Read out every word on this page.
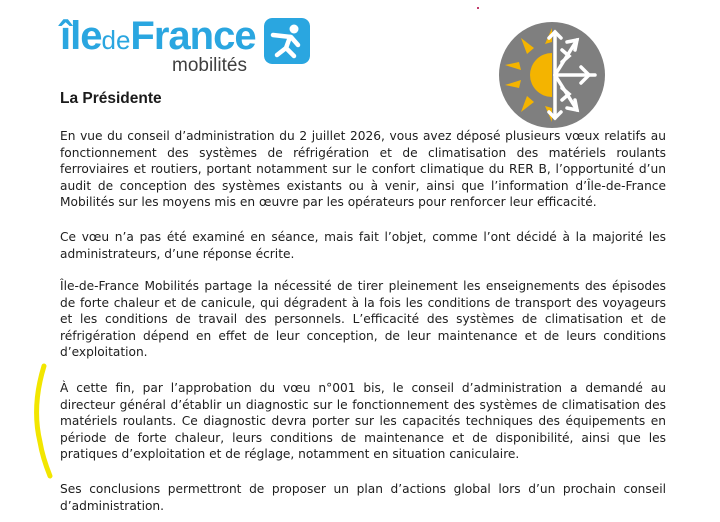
îledeFrance
mobilités
La Présidente

En vue du conseil d’administration du 2 juillet 2026, vous avez déposé plusieurs vœux relatifs au fonctionnement des systèmes de réfrigération et de climatisation des matériels roulants ferroviaires et routiers, portant notamment sur le confort climatique du RER B, l’opportunité d’un audit de conception des systèmes existants ou à venir, ainsi que l’information d’Île-de-France Mobilités sur les moyens mis en œuvre par les opérateurs pour renforcer leur efficacité.

Ce vœu n’a pas été examiné en séance, mais fait l’objet, comme l’ont décidé à la majorité les administrateurs, d’une réponse écrite.

Île-de-France Mobilités partage la nécessité de tirer pleinement les enseignements des épisodes de forte chaleur et de canicule, qui dégradent à la fois les conditions de transport des voyageurs et les conditions de travail des personnels. L’efficacité des systèmes de climatisation et de réfrigération dépend en effet de leur conception, de leur maintenance et de leurs conditions d’exploitation.

À cette fin, par l’approbation du vœu n°001 bis, le conseil d’administration a demandé au directeur général d’établir un diagnostic sur le fonctionnement des systèmes de climatisation des matériels roulants. Ce diagnostic devra porter sur les capacités techniques des équipements en période de forte chaleur, leurs conditions de maintenance et de disponibilité, ainsi que les pratiques d’exploitation et de réglage, notamment en situation caniculaire.

Ses conclusions permettront de proposer un plan d’actions global lors d’un prochain conseil d’administration.
